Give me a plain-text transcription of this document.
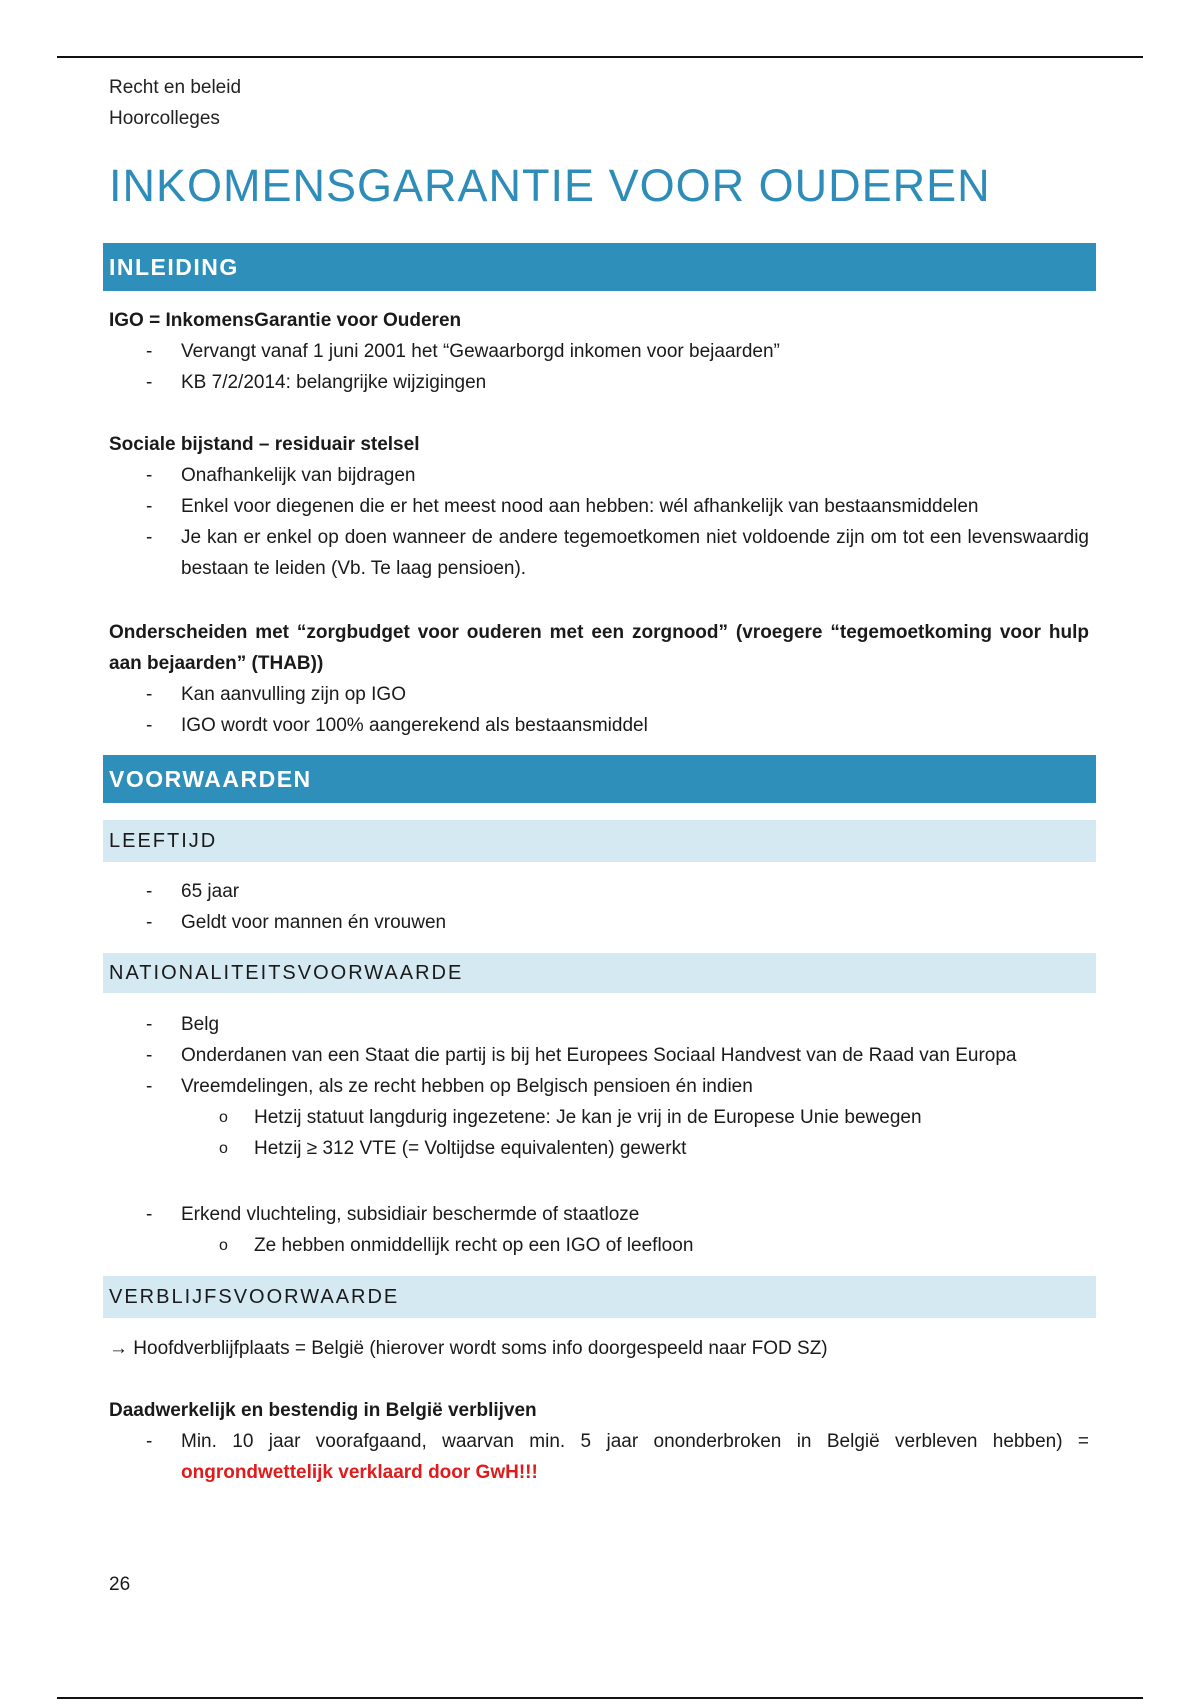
Recht en beleid
Hoorcolleges
INKOMENSGARANTIE VOOR OUDEREN
INLEIDING

IGO = InkomensGarantie voor Ouderen

- Vervangt vanaf 1 juni 2001 het “Gewaarborgd inkomen voor bejaarden”
- KB 7/2/2014: belangrijke wijzigingen

Sociale bijstand – residuair stelsel

- Onafhankelijk van bijdragen
- Enkel voor diegenen die er het meest nood aan hebben: wél afhankelijk van bestaansmiddelen
- Je kan er enkel op doen wanneer de andere tegemoetkomen niet voldoende zijn om tot een levenswaardig bestaan te leiden (Vb. Te laag pensioen).

Onderscheiden met “zorgbudget voor ouderen met een zorgnood” (vroegere “tegemoetkoming voor hulp aan bejaarden” (THAB))

- Kan aanvulling zijn op IGO
- IGO wordt voor 100% aangerekend als bestaansmiddel
VOORWAARDEN
LEEFTIJD
- 65 jaar
- Geldt voor mannen én vrouwen
NATIONALITEITSVOORWAARDE
- Belg
- Onderdanen van een Staat die partij is bij het Europees Sociaal Handvest van de Raad van Europa
- Vreemdelingen, als ze recht hebben op Belgisch pensioen én indien
o Hetzij statuut langdurig ingezetene: Je kan je vrij in de Europese Unie bewegen
o Hetzij ≥ 312 VTE (= Voltijdse equivalenten) gewerkt
- Erkend vluchteling, subsidiair beschermde of staatloze
o Ze hebben onmiddellijk recht op een IGO of leefloon
VERBLIJFSVOORWAARDE

→ Hoofdverblijfplaats = België (hierover wordt soms info doorgespeeld naar FOD SZ)

Daadwerkelijk en bestendig in België verblijven

- Min. 10 jaar voorafgaand, waarvan min. 5 jaar ononderbroken in België verbleven hebben) = ongrondwettelijk verklaard door GwH!!!
26
